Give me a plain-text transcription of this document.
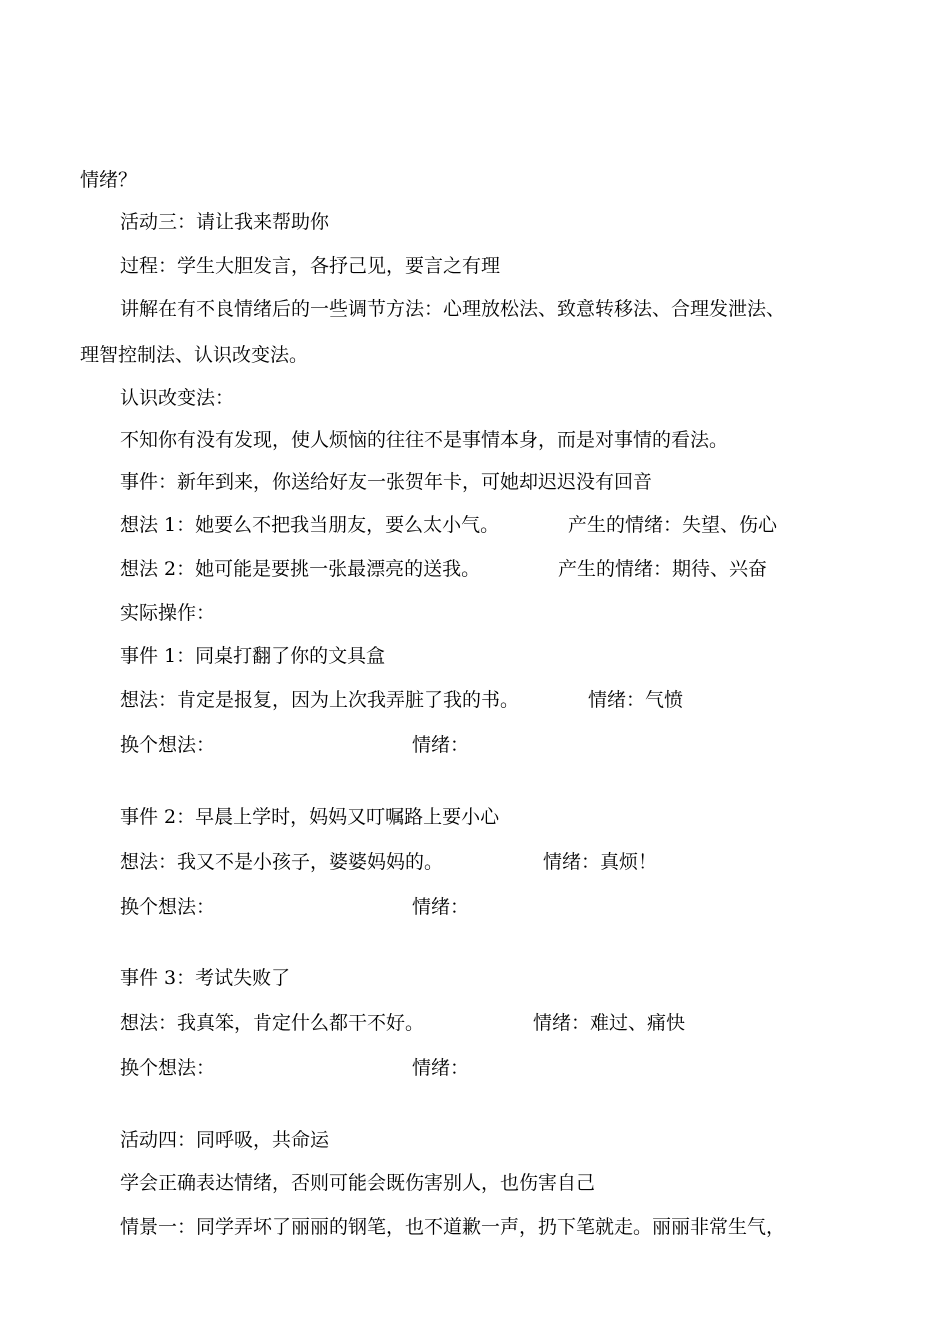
情绪？
活动三：请让我来帮助你
过程：学生大胆发言，各抒己见，要言之有理
讲解在有不良情绪后的一些调节方法：心理放松法、致意转移法、合理发泄法、
理智控制法、认识改变法。
认识改变法：
不知你有没有发现，使人烦恼的往往不是事情本身，而是对事情的看法。
事件：新年到来，你送给好友一张贺年卡，可她却迟迟没有回音
想法 1：她要么不把我当朋友，要么太小气。	产生的情绪：失望、伤心
想法 2：她可能是要挑一张最漂亮的送我。	产生的情绪：期待、兴奋
实际操作：
事件 1：同桌打翻了你的文具盒
想法：肯定是报复，因为上次我弄脏了我的书。	情绪：气愤
换个想法：	情绪：
事件 2：早晨上学时，妈妈又叮嘱路上要小心
想法：我又不是小孩子，婆婆妈妈的。	情绪：真烦！
换个想法：	情绪：
事件 3：考试失败了
想法：我真笨，肯定什么都干不好。	情绪：难过、痛快
换个想法：	情绪：
活动四：同呼吸，共命运
学会正确表达情绪，否则可能会既伤害别人，也伤害自己
情景一：同学弄坏了丽丽的钢笔，也不道歉一声，扔下笔就走。丽丽非常生气，
